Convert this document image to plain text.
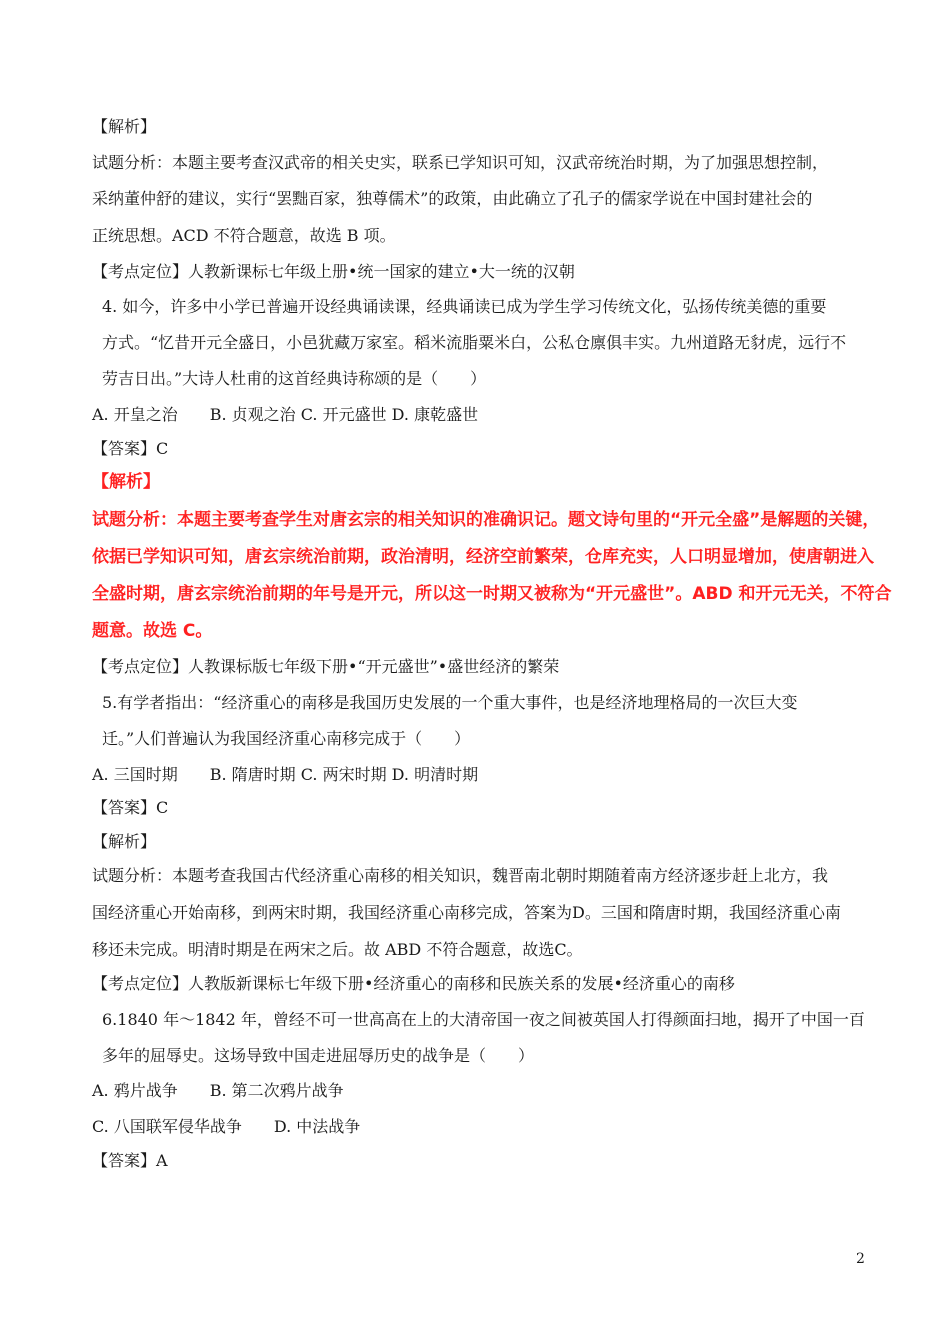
【解析】
试题分析：本题主要考查汉武帝的相关史实，联系已学知识可知，汉武帝统治时期，为了加强思想控制，
采纳董仲舒的建议，实行“罢黜百家，独尊儒术”的政策，由此确立了孔子的儒家学说在中国封建社会的
正统思想。ACD 不符合题意，故选 B 项。
【考点定位】人教新课标七年级上册•统一国家的建立•大一统的汉朝
4. 如今，许多中小学已普遍开设经典诵读课，经典诵读已成为学生学习传统文化，弘扬传统美德的重要
方式。“忆昔开元全盛日，小邑犹藏万家室。稻米流脂粟米白，公私仓廪俱丰实。九州道路无豺虎，远行不
劳吉日出。”大诗人杜甫的这首经典诗称颂的是（　　）
A. 开皇之治　　B. 贞观之治 C. 开元盛世 D. 康乾盛世
【答案】C
【解析】
试题分析：本题主要考查学生对唐玄宗的相关知识的准确识记。题文诗句里的“开元全盛”是解题的关键，
依据已学知识可知，唐玄宗统治前期，政治清明，经济空前繁荣，仓库充实，人口明显增加，使唐朝进入
全盛时期，唐玄宗统治前期的年号是开元，所以这一时期又被称为“开元盛世”。ABD 和开元无关，不符合
题意。故选 C。
【考点定位】人教课标版七年级下册•“开元盛世”•盛世经济的繁荣
5.有学者指出：“经济重心的南移是我国历史发展的一个重大事件，也是经济地理格局的一次巨大变
迁。”人们普遍认为我国经济重心南移完成于（　　）
A. 三国时期　　B. 隋唐时期 C. 两宋时期 D. 明清时期
【答案】C
【解析】
试题分析：本题考查我国古代经济重心南移的相关知识，魏晋南北朝时期随着南方经济逐步赶上北方，我
国经济重心开始南移，到两宋时期，我国经济重心南移完成，答案为D。三国和隋唐时期，我国经济重心南
移还未完成。明清时期是在两宋之后。故 ABD 不符合题意，故选C。
【考点定位】人教版新课标七年级下册•经济重心的南移和民族关系的发展•经济重心的南移
6.1840 年～1842 年，曾经不可一世高高在上的大清帝国一夜之间被英国人打得颜面扫地，揭开了中国一百
多年的屈辱史。这场导致中国走进屈辱历史的战争是（　　）
A. 鸦片战争　　B. 第二次鸦片战争
C. 八国联军侵华战争　　D. 中法战争
【答案】A
2
